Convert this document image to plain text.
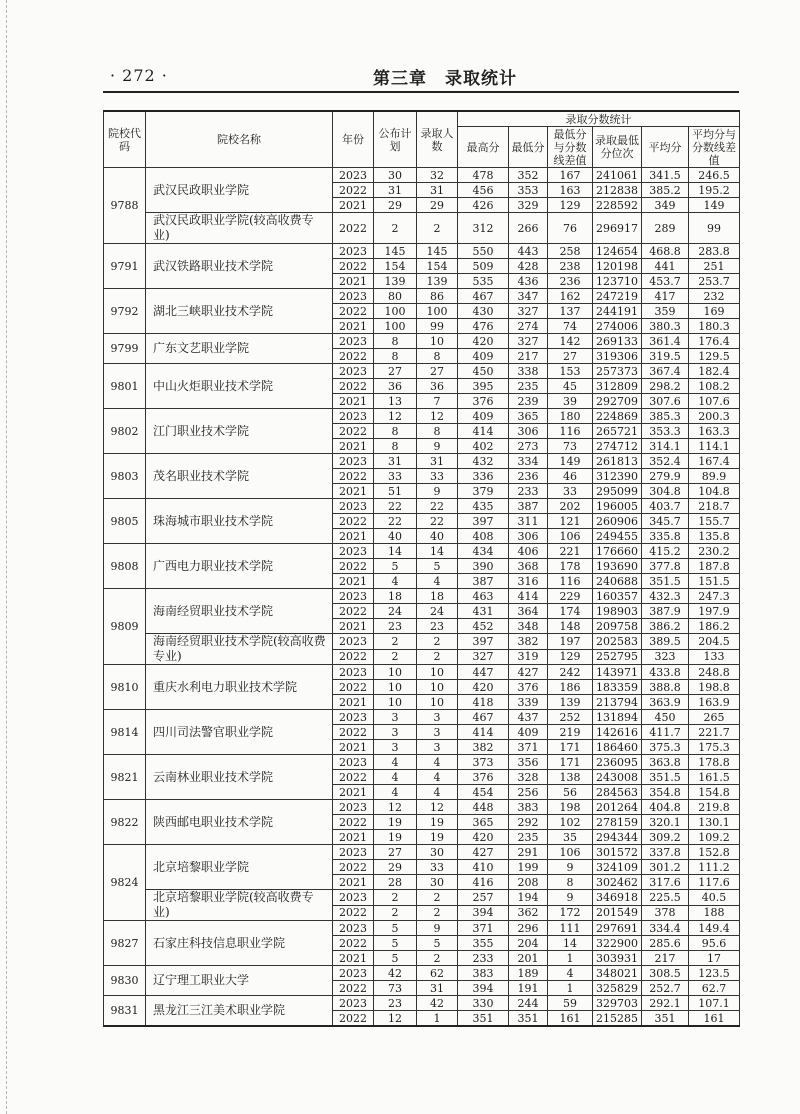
· 272 ·	第三章　录取统计
院校代码	院校名称	年份	公布计划	录取人数	录取分数统计					
					最高分	最低分	最低分与分数线差值	录取最低分位次	平均分	平均分与分数线差值
9788	武汉民政职业学院	2023	30	32	478	352	167	241061	341.5	246.5
		2022	31	31	456	353	163	212838	385.2	195.2
		2021	29	29	426	329	129	228592	349	149
	武汉民政职业学院(较高收费专业)	2022	2	2	312	266	76	296917	289	99
9791	武汉铁路职业技术学院	2023	145	145	550	443	258	124654	468.8	283.8
		2022	154	154	509	428	238	120198	441	251
		2021	139	139	535	436	236	123710	453.7	253.7
9792	湖北三峡职业技术学院	2023	80	86	467	347	162	247219	417	232
		2022	100	100	430	327	137	244191	359	169
		2021	100	99	476	274	74	274006	380.3	180.3
9799	广东文艺职业学院	2023	8	10	420	327	142	269133	361.4	176.4
		2022	8	8	409	217	27	319306	319.5	129.5
9801	中山火炬职业技术学院	2023	27	27	450	338	153	257373	367.4	182.4
		2022	36	36	395	235	45	312809	298.2	108.2
		2021	13	7	376	239	39	292709	307.6	107.6
9802	江门职业技术学院	2023	12	12	409	365	180	224869	385.3	200.3
		2022	8	8	414	306	116	265721	353.3	163.3
		2021	8	9	402	273	73	274712	314.1	114.1
9803	茂名职业技术学院	2023	31	31	432	334	149	261813	352.4	167.4
		2022	33	33	336	236	46	312390	279.9	89.9
		2021	51	9	379	233	33	295099	304.8	104.8
9805	珠海城市职业技术学院	2023	22	22	435	387	202	196005	403.7	218.7
		2022	22	22	397	311	121	260906	345.7	155.7
		2021	40	40	408	306	106	249455	335.8	135.8
9808	广西电力职业技术学院	2023	14	14	434	406	221	176660	415.2	230.2
		2022	5	5	390	368	178	193690	377.8	187.8
		2021	4	4	387	316	116	240688	351.5	151.5
9809	海南经贸职业技术学院	2023	18	18	463	414	229	160357	432.3	247.3
		2022	24	24	431	364	174	198903	387.9	197.9
		2021	23	23	452	348	148	209758	386.2	186.2
	海南经贸职业技术学院(较高收费专业)	2023	2	2	397	382	197	202583	389.5	204.5
		2022	2	2	327	319	129	252795	323	133
9810	重庆水利电力职业技术学院	2023	10	10	447	427	242	143971	433.8	248.8
		2022	10	10	420	376	186	183359	388.8	198.8
		2021	10	10	418	339	139	213794	363.9	163.9
9814	四川司法警官职业学院	2023	3	3	467	437	252	131894	450	265
		2022	3	3	414	409	219	142616	411.7	221.7
		2021	3	3	382	371	171	186460	375.3	175.3
9821	云南林业职业技术学院	2023	4	4	373	356	171	236095	363.8	178.8
		2022	4	4	376	328	138	243008	351.5	161.5
		2021	4	4	454	256	56	284563	354.8	154.8
9822	陕西邮电职业技术学院	2023	12	12	448	383	198	201264	404.8	219.8
		2022	19	19	365	292	102	278159	320.1	130.1
		2021	19	19	420	235	35	294344	309.2	109.2
9824	北京培黎职业学院	2023	27	30	427	291	106	301572	337.8	152.8
		2022	29	33	410	199	9	324109	301.2	111.2
		2021	28	30	416	208	8	302462	317.6	117.6
	北京培黎职业学院(较高收费专业)	2023	2	2	257	194	9	346918	225.5	40.5
		2022	2	2	394	362	172	201549	378	188
9827	石家庄科技信息职业学院	2023	5	9	371	296	111	297691	334.4	149.4
		2022	5	5	355	204	14	322900	285.6	95.6
		2021	5	2	233	201	1	303931	217	17
9830	辽宁理工职业大学	2023	42	62	383	189	4	348021	308.5	123.5
		2022	73	31	394	191	1	325829	252.7	62.7
9831	黑龙江三江美术职业学院	2023	23	42	330	244	59	329703	292.1	107.1
		2022	12	1	351	351	161	215285	351	161
